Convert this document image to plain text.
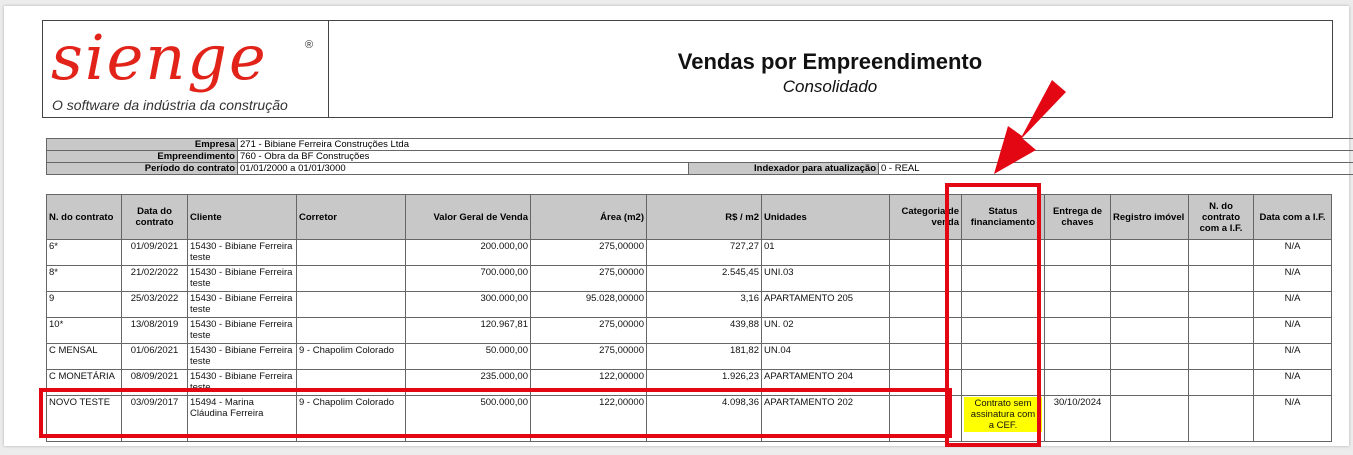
sienge	®
O software da indústria da construção
Vendas por Empreendimento
Consolidado
Empresa	271 - Bibiane Ferreira Construções Ltda		
Empreendimento	760 - Obra da BF Construções		
Período do contrato	01/01/2000 a 01/01/3000	Indexador para atualização	0 - REAL
N. do contrato	Data do contrato	Cliente	Corretor	Valor Geral de Venda	Área (m2)	R$ / m2	Unidades	Categoria de venda	Status financiamento	Entrega de chaves	Registro imóvel	N. do contrato com a I.F.	Data com a I.F.
6*	01/09/2021	15430 - Bibiane Ferreira teste		200.000,00	275,00000	727,27	01						N/A
8*	21/02/2022	15430 - Bibiane Ferreira teste		700.000,00	275,00000	2.545,45	UNI.03						N/A
9	25/03/2022	15430 - Bibiane Ferreira teste		300.000,00	95.028,00000	3,16	APARTAMENTO 205						N/A
10*	13/08/2019	15430 - Bibiane Ferreira teste		120.967,81	275,00000	439,88	UN. 02						N/A
C MENSAL	01/06/2021	15430 - Bibiane Ferreira teste	9 - Chapolim Colorado	50.000,00	275,00000	181,82	UN.04						N/A
C MONETÁRIA	08/09/2021	15430 - Bibiane Ferreira teste		235.000,00	122,00000	1.926,23	APARTAMENTO 204						N/A
NOVO TESTE	03/09/2017	15494 - Marina Cláudina Ferreira	9 - Chapolim Colorado	500.000,00	122,00000	4.098,36	APARTAMENTO 202		Contrato sem assinatura com a CEF.	30/10/2024			N/A
